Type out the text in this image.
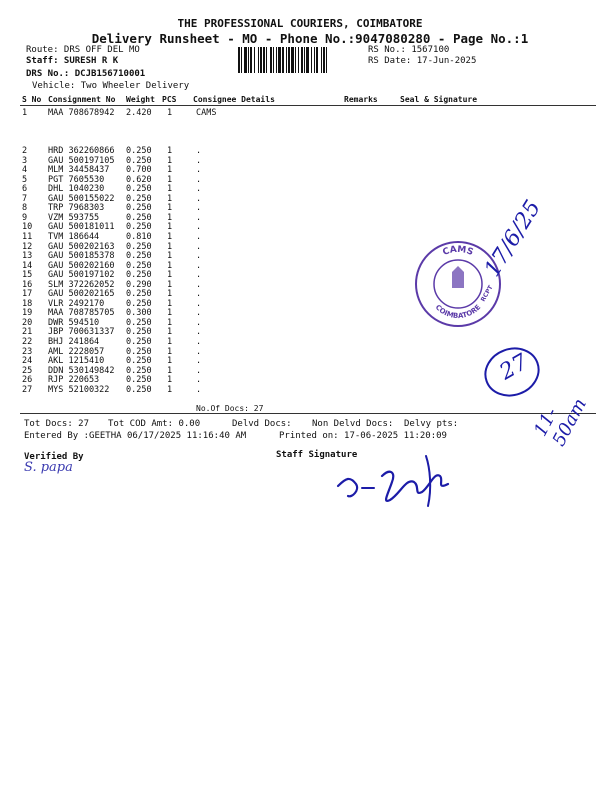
THE PROFESSIONAL COURIERS, COIMBATORE
Delivery Runsheet - MO - Phone No.:9047080280 - Page No.:1
Route: DRS OFF DEL MO
Staff: SURESH R K
DRS No.: DCJB156710001
Vehicle: Two Wheeler Delivery
RS No.: 1567100
RS Date: 17-Jun-2025
S No Consignment No Weight PCS Consignee Details	Remarks	Seal & Signature
1 MAA 708678942 2.420 1	CAMS
2 HRD 362260866 0.250 1	.
3 GAU 500197105 0.250 1	.
4 MLM 34458437 0.700 1	.
5 PGT 7605530	0.620 1	.
6 DHL 1040230	0.250 1	.
7 GAU 500155022 0.250 1	.
8 TRP 7968303	0.250 1	.
9 VZM 593755	0.250 1	.
10 GAU 500181011 0.250 1	.
11 TVM 186644	0.810 1	.
12 GAU 500202163 0.250 1	.
13 GAU 500185378 0.250 1	.
14 GAU 500202160 0.250 1	.
15 GAU 500197102 0.250 1	.
16 SLM 372262052 0.290 1	.
17 GAU 500202165 0.250 1	.
18 VLR 2492170	0.250 1	.
19 MAA 708785705 0.300 1	.
20 DWR 594510	0.250 1	.
21 JBP 700631337 0.250 1	.
22 BHJ 241864	0.250 1	.
23 AML 2228057	0.250 1	.
24 AKL 1215410	0.250 1	.
25 DDN 530149842 0.250 1	.
26 RJP 220653	0.250 1	.
27 MYS 52100322 0.250 1	.
No.Of Docs: 27
Tot Docs: 27 Tot COD Amt: 0.00	Delvd Docs: Non Delvd Docs: Delvy pts:
Entered By :GEETHA 06/17/2025 11:16:40 AM	Printed on: 17-06-2025 11:20:09
Verified By	Staff Signature
S. papa
CAMS
COIMBATORE
RCPT
17/6/25
27
11-50am
